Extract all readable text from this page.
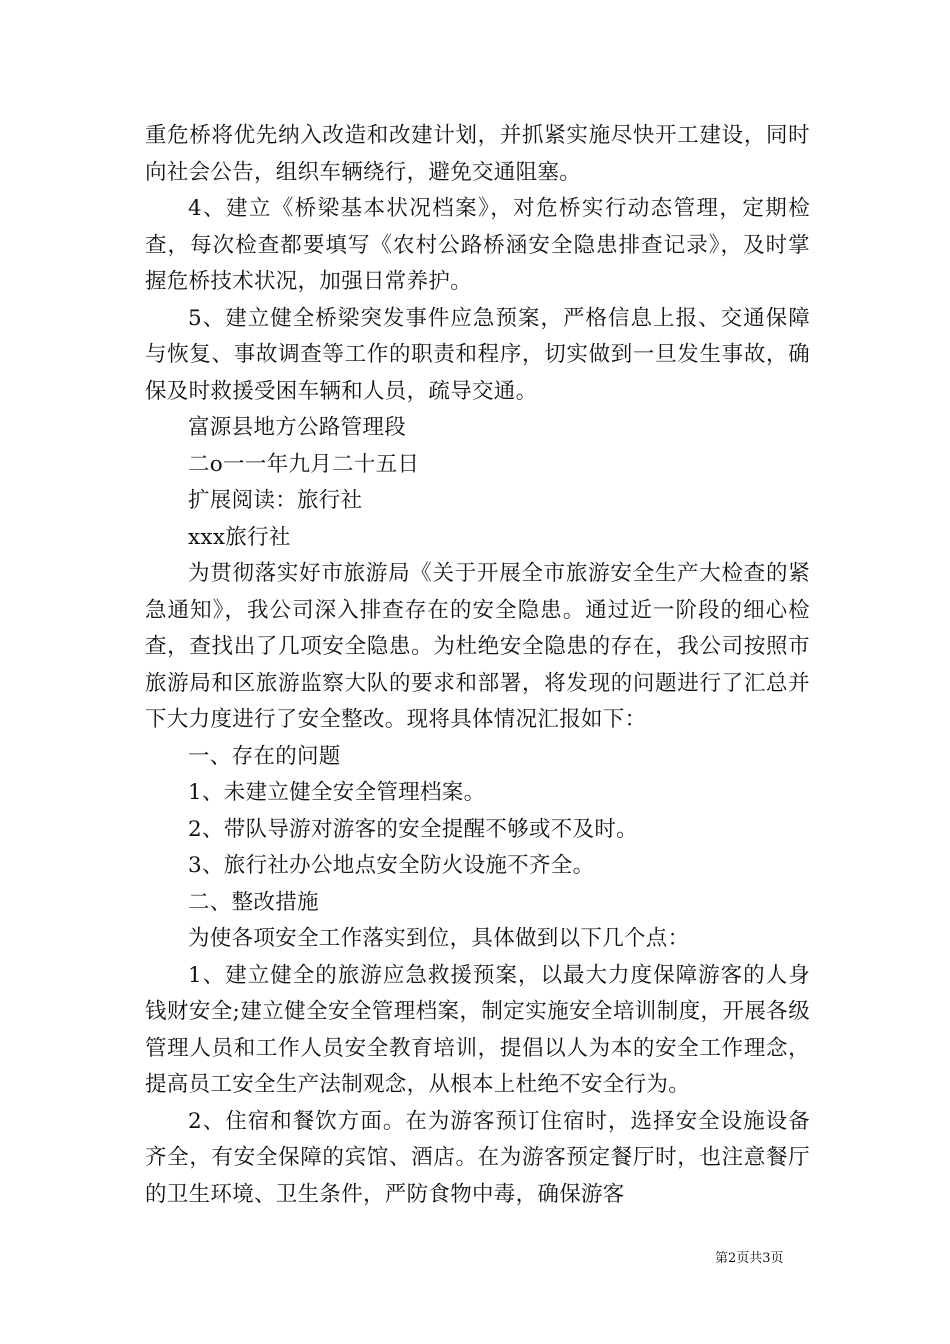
重危桥将优先纳入改造和改建计划，并抓紧实施尽快开工建设，同时向社会公告，组织车辆绕行，避免交通阻塞。

4、建立《桥梁基本状况档案》，对危桥实行动态管理，定期检查，每次检查都要填写《农村公路桥涵安全隐患排查记录》，及时掌握危桥技术状况，加强日常养护。

5、建立健全桥梁突发事件应急预案，严格信息上报、交通保障与恢复、事故调查等工作的职责和程序，切实做到一旦发生事故，确保及时救援受困车辆和人员，疏导交通。

富源县地方公路管理段

二o一一年九月二十五日

扩展阅读：旅行社

xxx旅行社

为贯彻落实好市旅游局《关于开展全市旅游安全生产大检查的紧急通知》，我公司深入排查存在的安全隐患。通过近一阶段的细心检查，查找出了几项安全隐患。为杜绝安全隐患的存在，我公司按照市旅游局和区旅游监察大队的要求和部署，将发现的问题进行了汇总并下大力度进行了安全整改。现将具体情况汇报如下：

一、存在的问题

1、未建立健全安全管理档案。

2、带队导游对游客的安全提醒不够或不及时。

3、旅行社办公地点安全防火设施不齐全。

二、整改措施

为使各项安全工作落实到位，具体做到以下几个点：

1、建立健全的旅游应急救援预案，以最大力度保障游客的人身钱财安全;建立健全安全管理档案，制定实施安全培训制度，开展各级管理人员和工作人员安全教育培训，提倡以人为本的安全工作理念，提高员工安全生产法制观念，从根本上杜绝不安全行为。

2、住宿和餐饮方面。在为游客预订住宿时，选择安全设施设备齐全，有安全保障的宾馆、酒店。在为游客预定餐厅时，也注意餐厅的卫生环境、卫生条件，严防食物中毒，确保游客

第2页共3页
